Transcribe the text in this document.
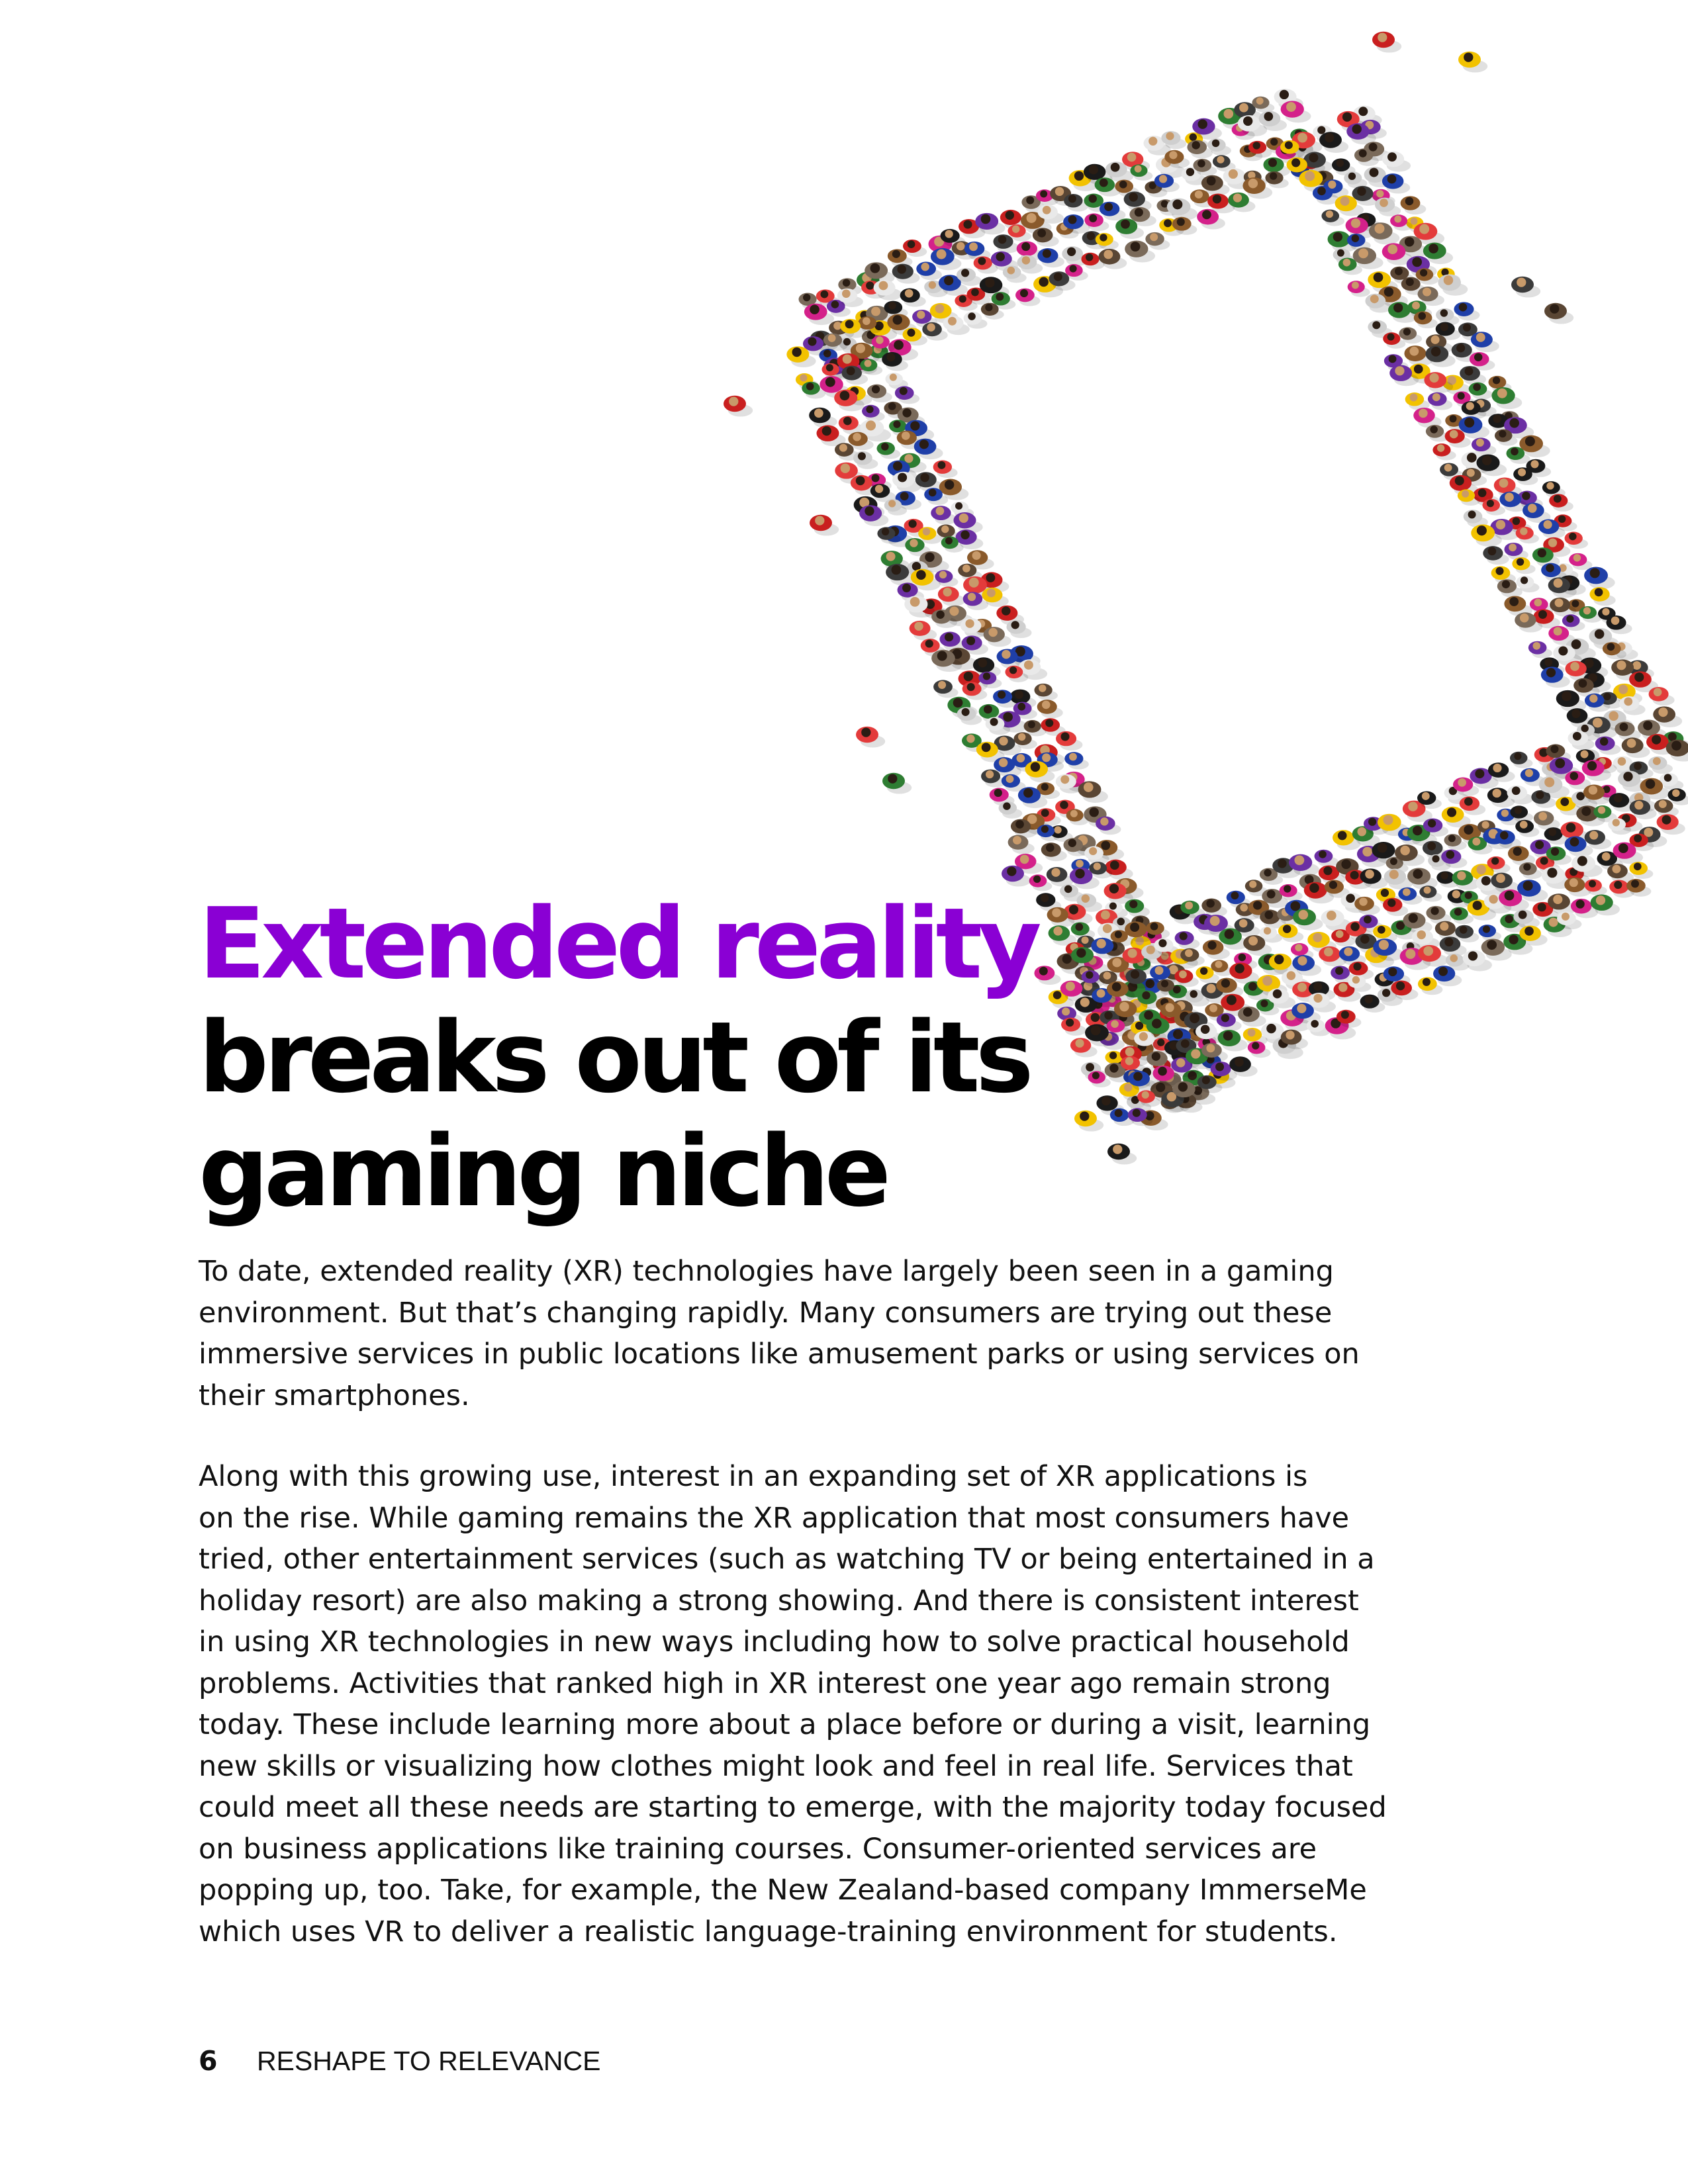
Extended reality
breaks out of its
gaming niche
To date, extended reality (XR) technologies have largely been seen in a gaming
environment. But that’s changing rapidly. Many consumers are trying out these
immersive services in public locations like amusement parks or using services on
their smartphones.
Along with this growing use, interest in an expanding set of XR applications is
on the rise. While gaming remains the XR application that most consumers have
tried, other entertainment services (such as watching TV or being entertained in a
holiday resort) are also making a strong showing. And there is consistent interest
in using XR technologies in new ways including how to solve practical household
problems. Activities that ranked high in XR interest one year ago remain strong
today. These include learning more about a place before or during a visit, learning
new skills or visualizing how clothes might look and feel in real life. Services that
could meet all these needs are starting to emerge, with the majority today focused
on business applications like training courses. Consumer-oriented services are
popping up, too. Take, for example, the New Zealand-based company ImmerseMe
which uses VR to deliver a realistic language-training environment for students.
6 RESHAPE TO RELEVANCE
